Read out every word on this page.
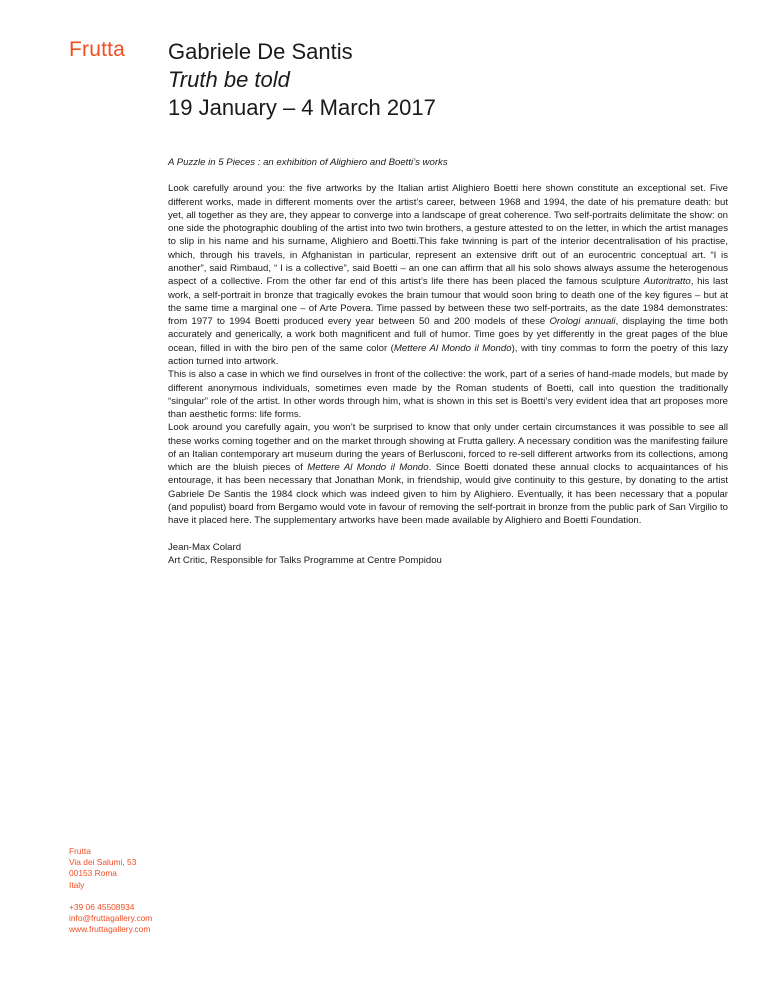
Frutta Gabriele De Santis
Truth be told
19 January – 4 March 2017
A Puzzle in 5 Pieces : an exhibition of Alighiero and Boetti’s works

Look carefully around you: the five artworks by the Italian artist Alighiero Boetti here shown constitute an exceptional set. Five different works, made in different moments over the artist’s career, between 1968 and 1994, the date of his premature death: but yet, all together as they are, they appear to converge into a landscape of great coherence. Two self-portraits delimitate the show: on one side the photographic doubling of the artist into two twin brothers, a gesture attested to on the letter, in which the artist manages to slip in his name and his surname, Alighiero and Boetti.This fake twinning is part of the interior decentralisation of his practise, which, through his travels, in Afghanistan in particular, represent an extensive drift out of an eurocentric conceptual art. “I is another”, said Rimbaud, “ I is a collective”, said Boetti – an one can affirm that all his solo shows always assume the heterogenous aspect of a collective. From the other far end of this artist’s life there has been placed the famous sculpture Autoritratto, his last work, a self-portrait in bronze that tragically evokes the brain tumour that would soon bring to death one of the key figures – but at the same time a marginal one – of Arte Povera. Time passed by between these two self-portraits, as the date 1984 demonstrates: from 1977 to 1994 Boetti produced every year between 50 and 200 models of these Orologi annuali, displaying the time both accurately and generically, a work both magnificent and full of humor. Time goes by yet differently in the great pages of the blue ocean, filled in with the biro pen of the same color (Mettere Al Mondo il Mondo), with tiny commas to form the poetry of this lazy action turned into artwork.

This is also a case in which we find ourselves in front of the collective: the work, part of a series of hand-made models, but made by different anonymous individuals, sometimes even made by the Roman students of Boetti, call into question the traditionally “singular” role of the artist. In other words through him, what is shown in this set is Boetti’s very evident idea that art proposes more than aesthetic forms: life forms.

Look around you carefully again, you won’t be surprised to know that only under certain circumstances it was possible to see all these works coming together and on the market through showing at Frutta gallery. A necessary condition was the manifesting failure of an Italian contemporary art museum during the years of Berlusconi, forced to re-sell different artworks from its collections, among which are the bluish pieces of Mettere Al Mondo il Mondo. Since Boetti donated these annual clocks to acquaintances of his entourage, it has been necessary that Jonathan Monk, in friendship, would give continuity to this gesture, by donating to the artist Gabriele De Santis the 1984 clock which was indeed given to him by Alighiero. Eventually, it has been necessary that a popular (and populist) board from Bergamo would vote in favour of removing the self-portrait in bronze from the public park of San Virgilio to have it placed here. The supplementary artworks have been made available by Alighiero and Boetti Foundation.

Jean-Max Colard
Art Critic, Responsible for Talks Programme at Centre Pompidou
Frutta
Via dei Salumi, 53
00153 Roma
Italy
+39 06 45508934
info@fruttagallery.com
www.fruttagallery.com
